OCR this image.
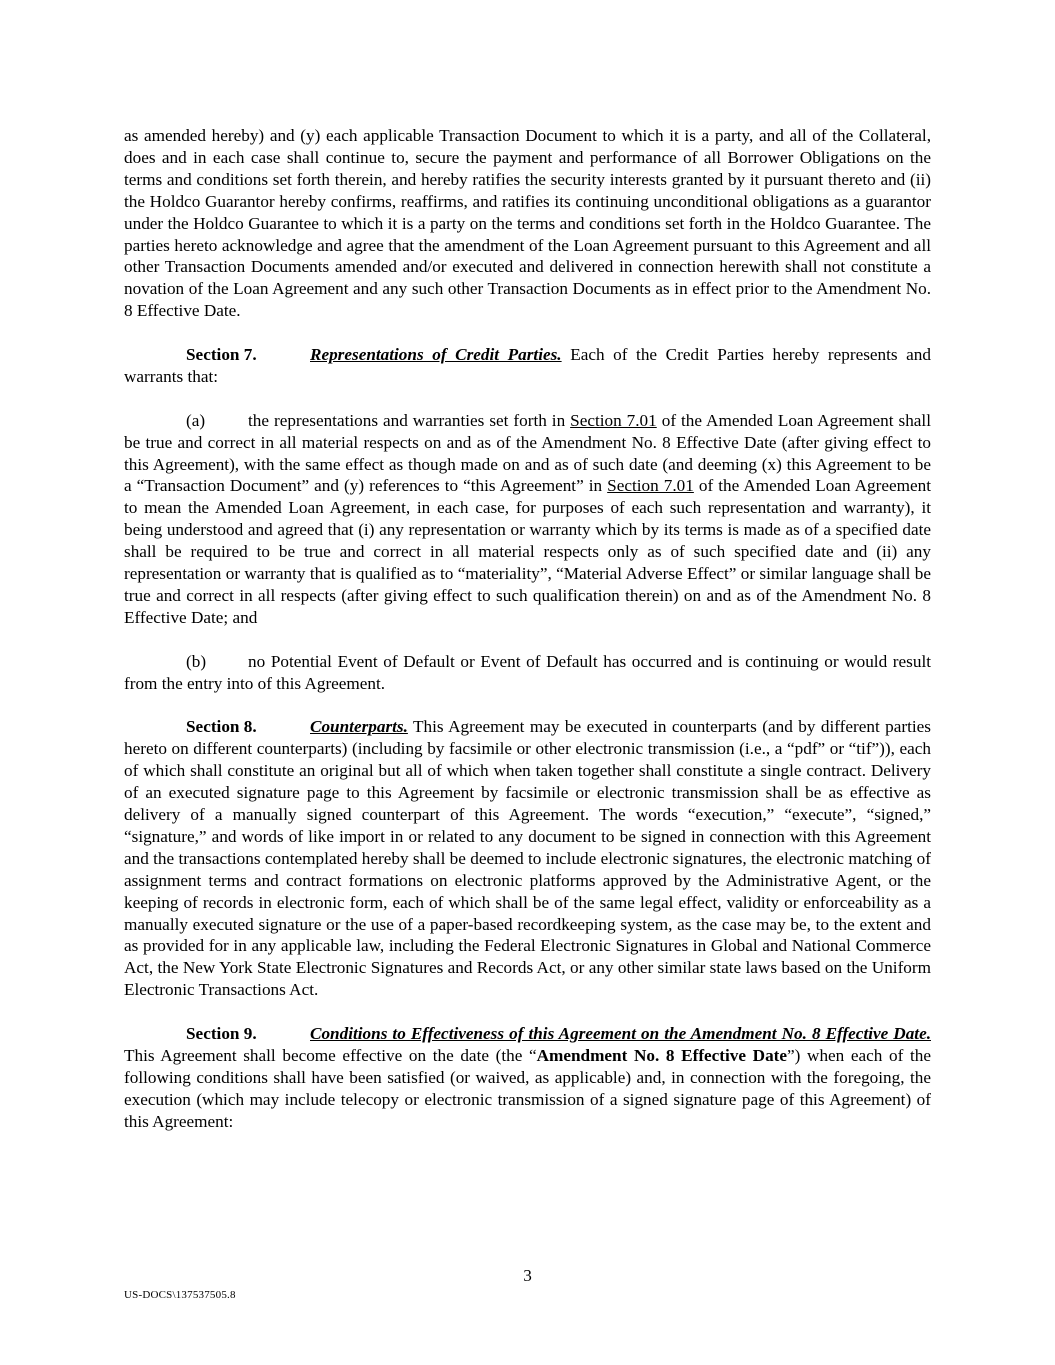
as amended hereby) and (y) each applicable Transaction Document to which it is a party, and all of the Collateral, does and in each case shall continue to, secure the payment and performance of all Borrower Obligations on the terms and conditions set forth therein, and hereby ratifies the security interests granted by it pursuant thereto and (ii) the Holdco Guarantor hereby confirms, reaffirms, and ratifies its continuing unconditional obligations as a guarantor under the Holdco Guarantee to which it is a party on the terms and conditions set forth in the Holdco Guarantee. The parties hereto acknowledge and agree that the amendment of the Loan Agreement pursuant to this Agreement and all other Transaction Documents amended and/or executed and delivered in connection herewith shall not constitute a novation of the Loan Agreement and any such other Transaction Documents as in effect prior to the Amendment No. 8 Effective Date.

Section 7.	Representations of Credit Parties. Each of the Credit Parties hereby represents and warrants that:

(a) the representations and warranties set forth in Section 7.01 of the Amended Loan Agreement shall be true and correct in all material respects on and as of the Amendment No. 8 Effective Date (after giving effect to this Agreement), with the same effect as though made on and as of such date (and deeming (x) this Agreement to be a “Transaction Document” and (y) references to “this Agreement” in Section 7.01 of the Amended Loan Agreement to mean the Amended Loan Agreement, in each case, for purposes of each such representation and warranty), it being understood and agreed that (i) any representation or warranty which by its terms is made as of a specified date shall be required to be true and correct in all material respects only as of such specified date and (ii) any representation or warranty that is qualified as to “materiality”, “Material Adverse Effect” or similar language shall be true and correct in all respects (after giving effect to such qualification therein) on and as of the Amendment No. 8 Effective Date; and

(b) no Potential Event of Default or Event of Default has occurred and is continuing or would result from the entry into of this Agreement.

Section 8.	Counterparts. This Agreement may be executed in counterparts (and by different parties hereto on different counterparts) (including by facsimile or other electronic transmission (i.e., a “pdf” or “tif”)), each of which shall constitute an original but all of which when taken together shall constitute a single contract. Delivery of an executed signature page to this Agreement by facsimile or electronic transmission shall be as effective as delivery of a manually signed counterpart of this Agreement. The words “execution,” “execute”, “signed,” “signature,” and words of like import in or related to any document to be signed in connection with this Agreement and the transactions contemplated hereby shall be deemed to include electronic signatures, the electronic matching of assignment terms and contract formations on electronic platforms approved by the Administrative Agent, or the keeping of records in electronic form, each of which shall be of the same legal effect, validity or enforceability as a manually executed signature or the use of a paper-based recordkeeping system, as the case may be, to the extent and as provided for in any applicable law, including the Federal Electronic Signatures in Global and National Commerce Act, the New York State Electronic Signatures and Records Act, or any other similar state laws based on the Uniform Electronic Transactions Act.

Section 9.	Conditions to Effectiveness of this Agreement on the Amendment No. 8 Effective Date. This Agreement shall become effective on the date (the “Amendment No. 8 Effective Date”) when each of the following conditions shall have been satisfied (or waived, as applicable) and, in connection with the foregoing, the execution (which may include telecopy or electronic transmission of a signed signature page of this Agreement) of this Agreement:

3
US-DOCS\137537505.8
